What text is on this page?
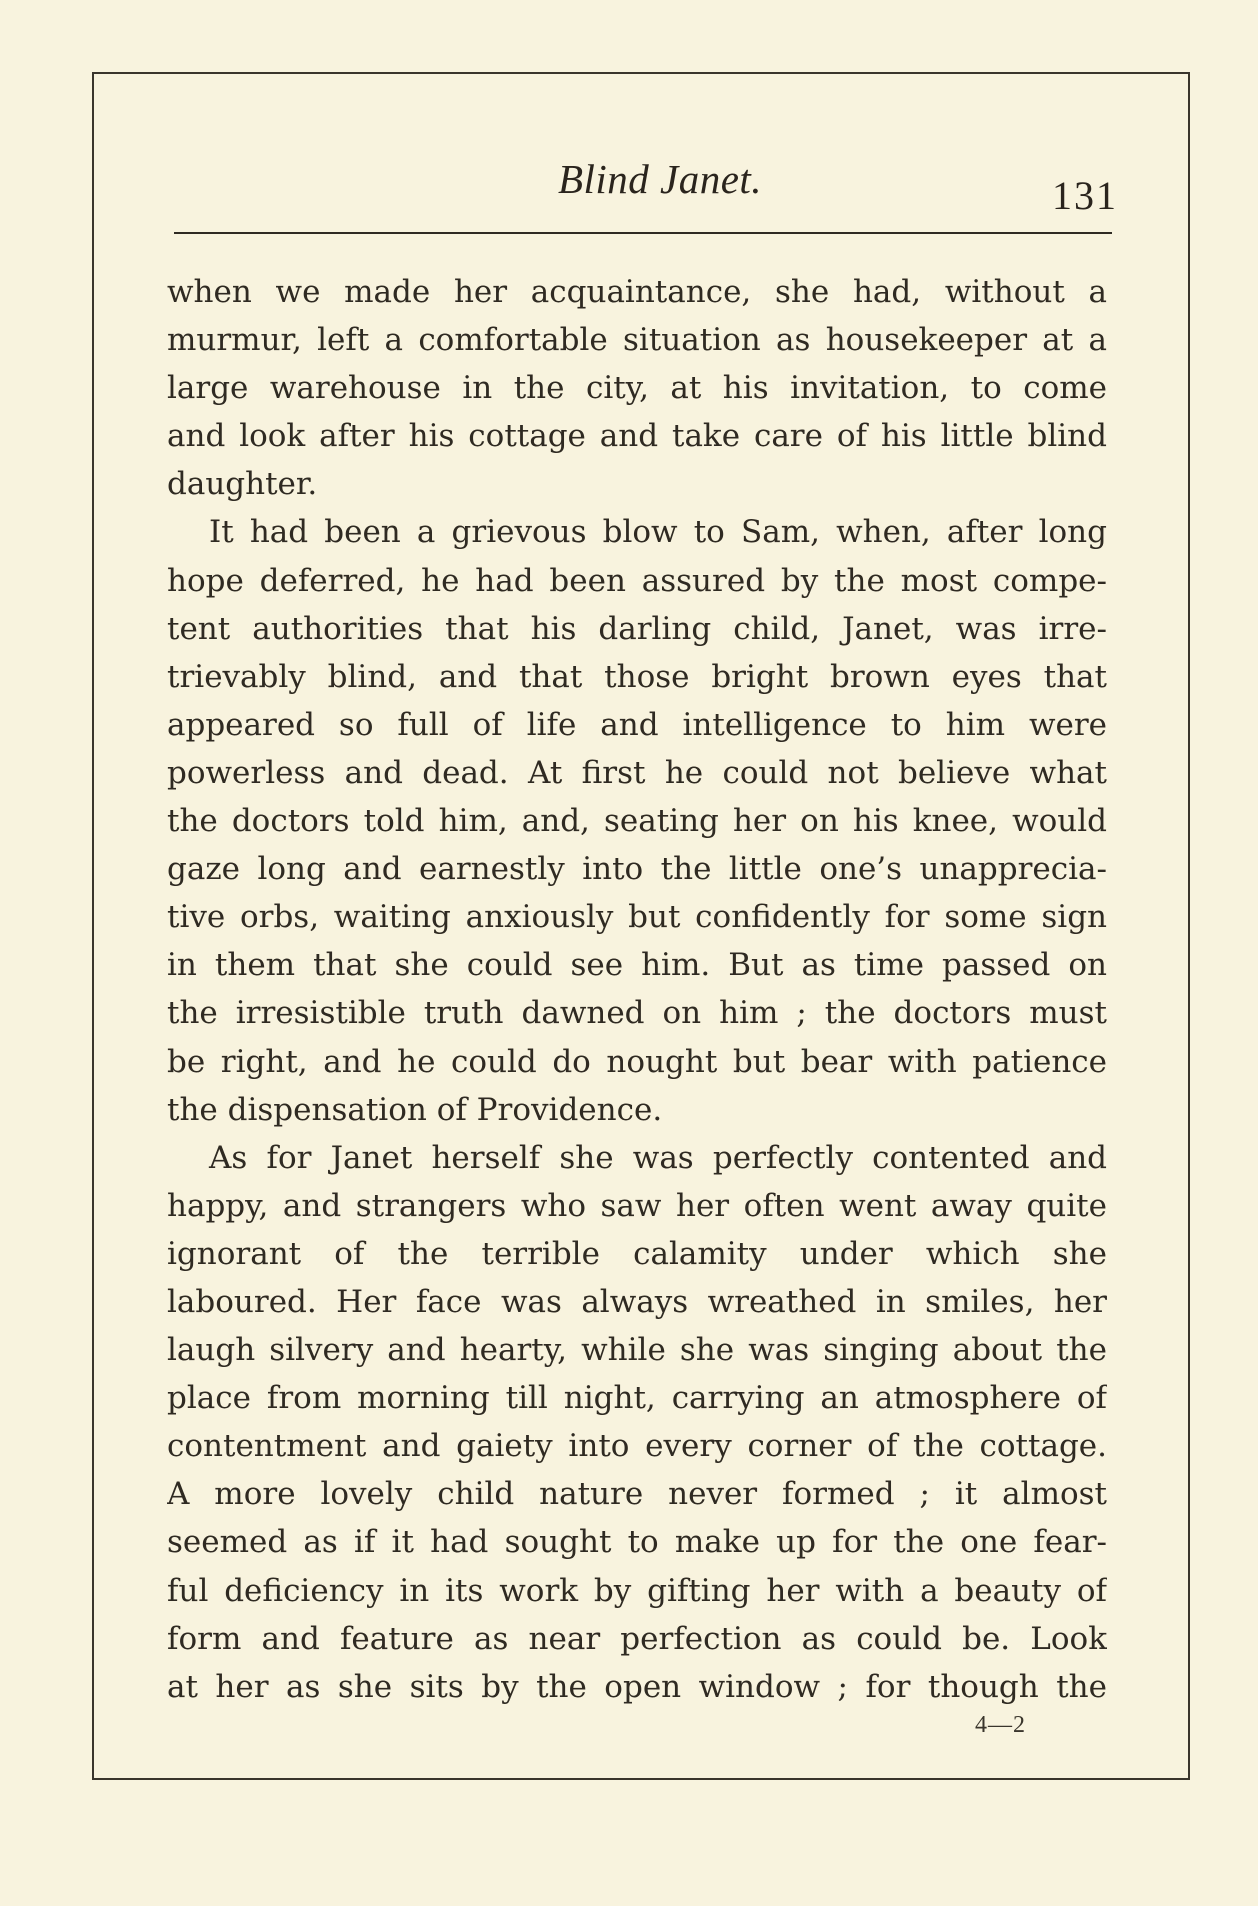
Blind Janet.	131
when we made her acquaintance, she had, without a
murmur, left a comfortable situation as housekeeper at a
large warehouse in the city, at his invitation, to come
and look after his cottage and take care of his little blind
daughter.
It had been a grievous blow to Sam, when, after long
hope deferred, he had been assured by the most compe-
tent authorities that his darling child, Janet, was irre-
trievably blind, and that those bright brown eyes that
appeared so full of life and intelligence to him were
powerless and dead. At first he could not believe what
the doctors told him, and, seating her on his knee, would
gaze long and earnestly into the little one’s unapprecia-
tive orbs, waiting anxiously but confidently for some sign
in them that she could see him. But as time passed on
the irresistible truth dawned on him ; the doctors must
be right, and he could do nought but bear with patience
the dispensation of Providence.
As for Janet herself she was perfectly contented and
happy, and strangers who saw her often went away quite
ignorant of the terrible calamity under which she
laboured. Her face was always wreathed in smiles, her
laugh silvery and hearty, while she was singing about the
place from morning till night, carrying an atmosphere of
contentment and gaiety into every corner of the cottage.
A more lovely child nature never formed ; it almost
seemed as if it had sought to make up for the one fear-
ful deficiency in its work by gifting her with a beauty of
form and feature as near perfection as could be. Look
at her as she sits by the open window ; for though the
4—2
